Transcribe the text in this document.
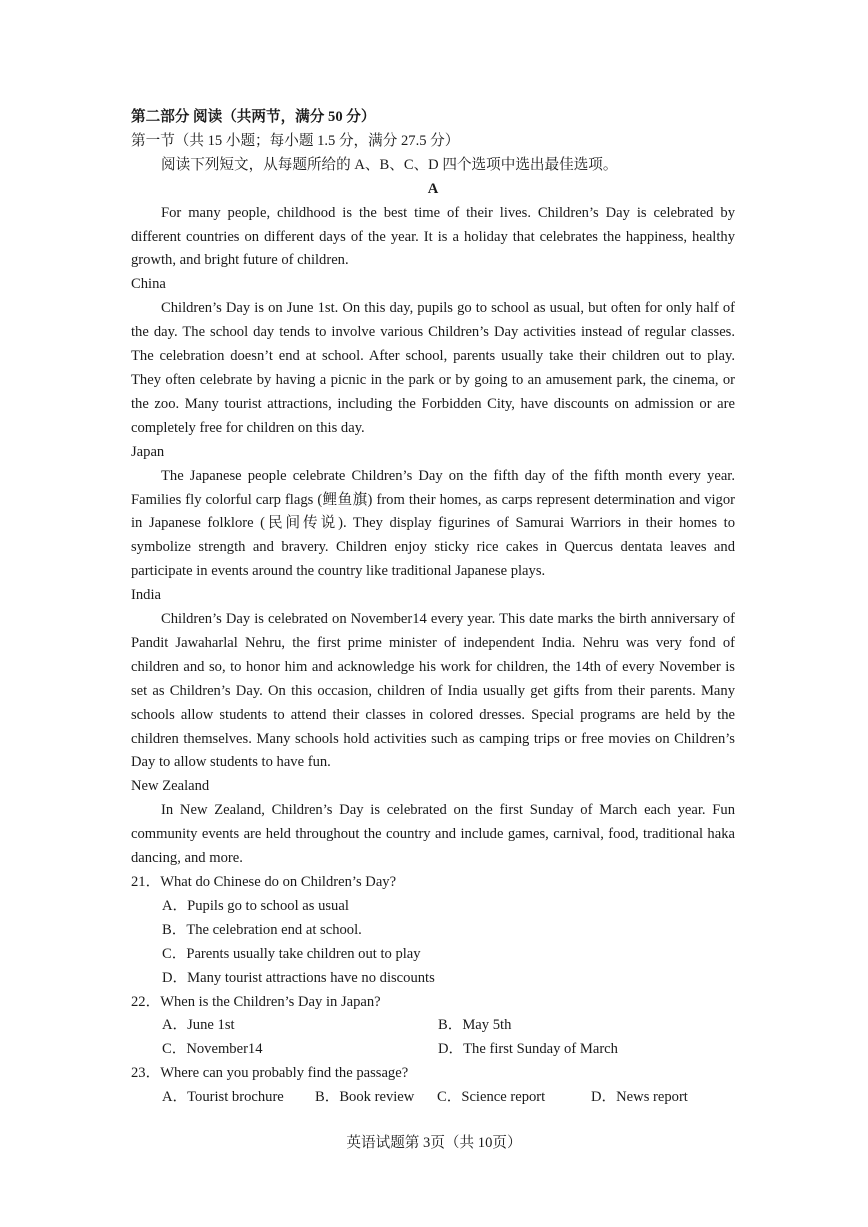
第二部分 阅读（共两节，满分 50 分）
第一节（共 15 小题；每小题 1.5 分，满分 27.5 分）
阅读下列短文，从每题所给的 A、B、C、D 四个选项中选出最佳选项。
A
For many people, childhood is the best time of their lives. Children’s Day is celebrated by different countries on different days of the year. It is a holiday that celebrates the happiness, healthy growth, and bright future of children.
China
Children’s Day is on June 1st. On this day, pupils go to school as usual, but often for only half of the day. The school day tends to involve various Children’s Day activities instead of regular classes. The celebration doesn’t end at school. After school, parents usually take their children out to play. They often celebrate by having a picnic in the park or by going to an amusement park, the cinema, or the zoo. Many tourist attractions, including the Forbidden City, have discounts on admission or are completely free for children on this day.
Japan
The Japanese people celebrate Children’s Day on the fifth day of the fifth month every year. Families fly colorful carp flags (鲤鱼旗) from their homes, as carps represent determination and vigor in Japanese folklore (民间传说). They display figurines of Samurai Warriors in their homes to symbolize strength and bravery. Children enjoy sticky rice cakes in Quercus dentata leaves and participate in events around the country like traditional Japanese plays.
India
Children’s Day is celebrated on November14 every year. This date marks the birth anniversary of Pandit Jawaharlal Nehru, the first prime minister of independent India. Nehru was very fond of children and so, to honor him and acknowledge his work for children, the 14th of every November is set as Children’s Day. On this occasion, children of India usually get gifts from their parents. Many schools allow students to attend their classes in colored dresses. Special programs are held by the children themselves. Many schools hold activities such as camping trips or free movies on Children’s Day to allow students to have fun.
New Zealand
In New Zealand, Children’s Day is celebrated on the first Sunday of March each year. Fun community events are held throughout the country and include games, carnival, food, traditional haka dancing, and more.
21．What do Chinese do on Children’s Day?
A．Pupils go to school as usual
B．The celebration end at school.
C．Parents usually take children out to play
D．Many tourist attractions have no discounts
22．When is the Children’s Day in Japan?
A．June 1st	B．May 5th
C．November14	D．The first Sunday of March
23．Where can you probably find the passage?
A．Tourist brochure	B．Book review	C．Science report	D．News report
英语试题第 3页（共 10页）
